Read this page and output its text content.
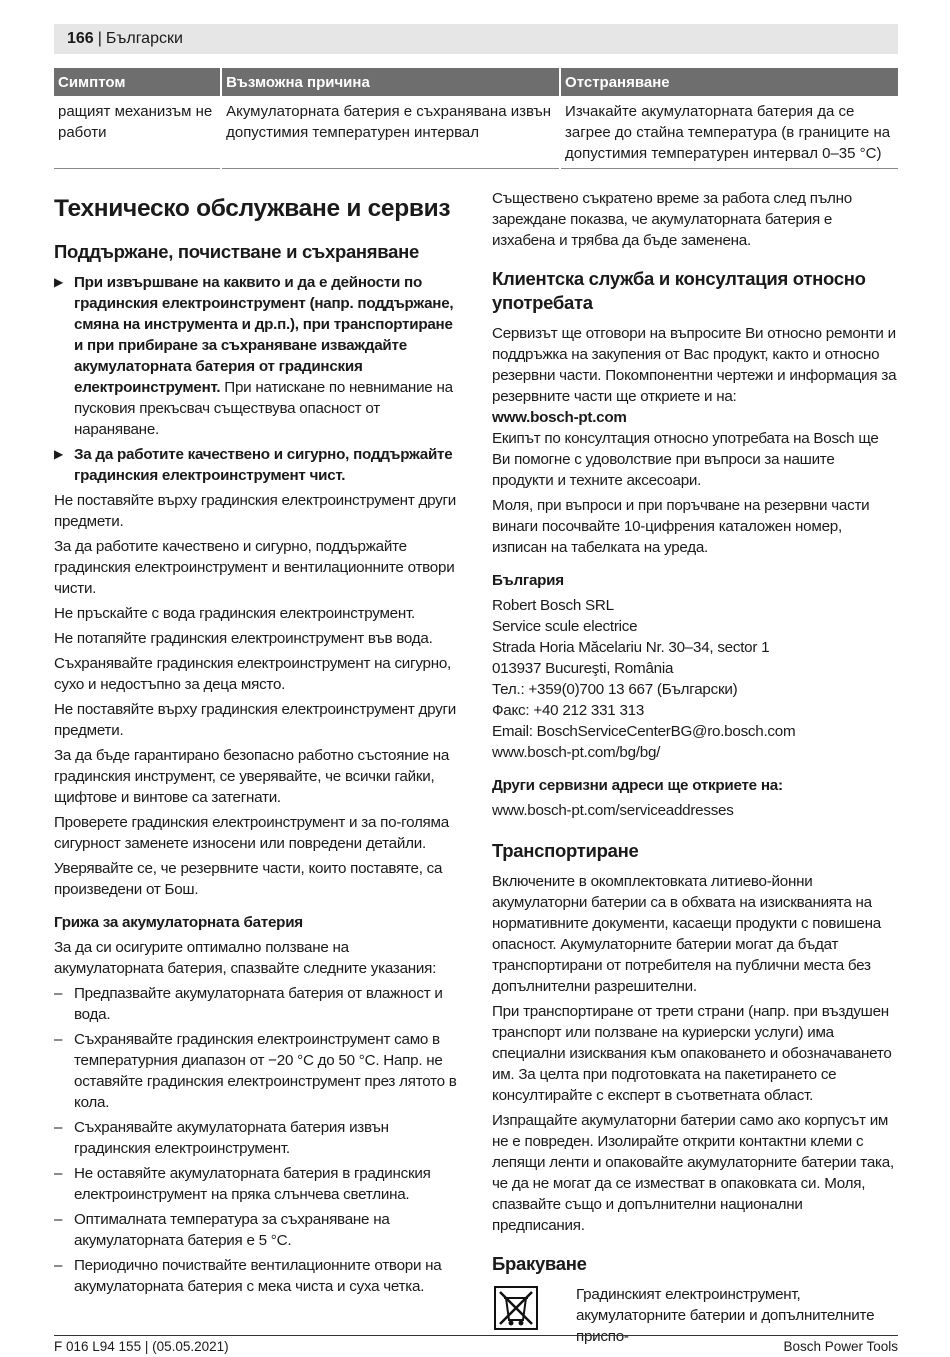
166 | Български
Симптом	Възможна причина	Отстраняване
рaщият механизъм не работи	Акумулаторната батерия е съхранявана извън допустимия температурен интервал	Изчакайте акумулаторната батерия да се загрее до стайна температура (в границите на допустимия температурен интервал 0–35 °C)
Техническо обслужване и сервиз
Поддържане, почистване и съхраняване
▶ При извършване на каквито и да е дейности по градинския електроинструмент (напр. поддържане, смяна на инструмента и др.п.), при транспортиране и при прибиране за съхраняване изваждайте акумулаторната батерия от градинския електроинструмент. При натискане по невнимание на пусковия прекъсвач съществува опасност от нараняване.
▶ За да работите качествено и сигурно, поддържайте градинския електроинструмент чист.

Не поставяйте върху градинския електроинструмент други предмети.

За да работите качествено и сигурно, поддържайте градинския електроинструмент и вентилационните отвори чисти.

Не пръскайте с вода градинския електроинструмент.

Не потапяйте градинския електроинструмент във вода.

Съхранявайте градинския електроинструмент на сигурно, сухо и недостъпно за деца място.

Не поставяйте върху градинския електроинструмент други предмети.

За да бъде гарантирано безопасно работно състояние на градинския инструмент, се уверявайте, че всички гайки, щифтове и винтове са затегнати.

Проверете градинския електроинструмент и за по-голяма сигурност заменете износени или повредени детайли.

Уверявайте се, че резервните части, които поставяте, са произведени от Бош.

Грижа за акумулаторната батерия

За да си осигурите оптимално ползване на акумулаторната батерия, спазвайте следните указания:

– Предпазвайте акумулаторната батерия от влажност и вода.
– Съхранявайте градинския електроинструмент само в температурния диапазон от −20 °C до 50 °C. Напр. не оставяйте градинския електроинструмент през лятото в кола.
– Съхранявайте акумулаторната батерия извън градинския електроинструмент.
– Не оставяйте акумулаторната батерия в градинския електроинструмент на пряка слънчева светлина.
– Оптималната температура за съхраняване на акумулаторната батерия е 5 °C.
– Периодично почиствайте вентилационните отвори на акумулаторната батерия с мека чиста и суха четка.

Съществено съкратено време за работа след пълно зареждане показва, че акумулаторната батерия е изхабена и трябва да бъде заменена.

Клиентска служба и консултация относно употребата

Сервизът ще отговори на въпросите Ви относно ремонти и поддръжка на закупения от Вас продукт, както и относно резервни части. Покомпонентни чертежи и информация за резервните части ще откриете и на:

www.bosch-pt.com

Екипът по консултация относно употребата на Bosch ще Ви помогне с удоволствие при въпроси за нашите продукти и техните аксесоари.

Моля, при въпроси и при поръчване на резервни части винаги посочвайте 10-цифрения каталожен номер, изписан на табелката на уреда.

България

Robert Bosch SRL

Service scule electrice

Strada Horia Măcelariu Nr. 30–34, sector 1

013937 Bucureşti, România

Тел.: +359(0)700 13 667 (Български)

Факс: +40 212 331 313

Email: BoschServiceCenterBG@ro.bosch.com

www.bosch-pt.com/bg/bg/

Други сервизни адреси ще откриете на:

www.bosch-pt.com/serviceaddresses

Транспортиране

Включените в окомплектовката литиево-йонни акумулаторни батерии са в обхвата на изискванията на нормативните документи, касаещи продукти с повишена опасност. Акумулаторните батерии могат да бъдат транспортирани от потребителя на публични места без допълнителни разрешителни.

При транспортиране от трети страни (напр. при въздушен транспорт или ползване на куриерски услуги) има специални изисквания към опаковането и обозначаването им. За целта при подготовката на пакетирането се консултирайте с експерт в съответната област.

Изпращайте акумулаторни батерии само ако корпусът им не е повреден. Изолирайте открити контактни клеми с лепящи ленти и опаковайте акумулаторните батерии така, че да не могат да се изместват в опаковката си. Моля, спазвайте също и допълнителни национални предписания.

Бракуване
Градинският електроинструмент, акумулаторните батерии и допълнителните приспо-
F 016 L94 155 | (05.05.2021)	Bosch Power Tools
